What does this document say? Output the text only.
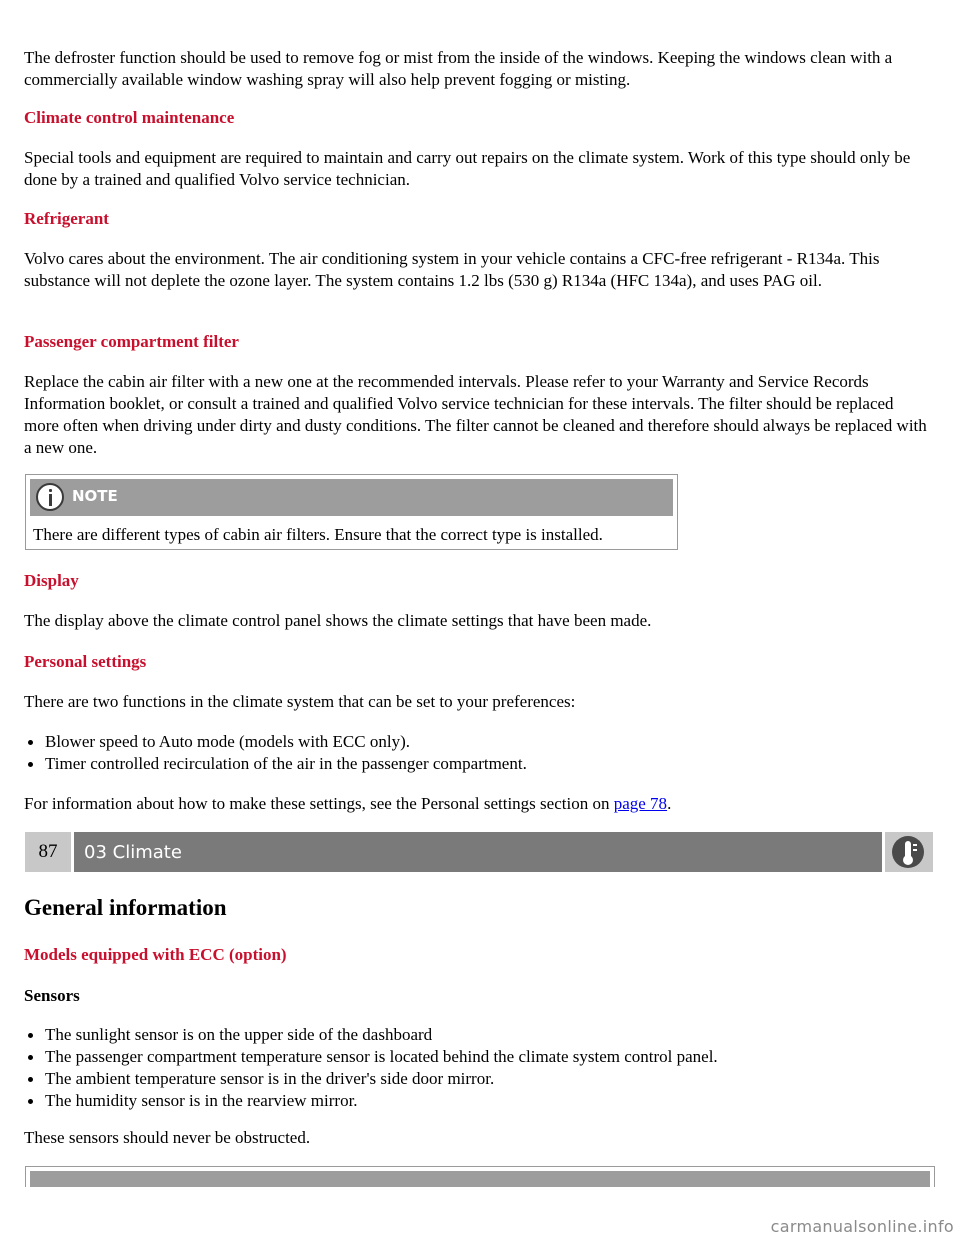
The defroster function should be used to remove fog or mist from the inside of the windows. Keeping the windows clean with a commercially available window washing spray will also help prevent fogging or misting.

Climate control maintenance

Special tools and equipment are required to maintain and carry out repairs on the climate system. Work of this type should only be done by a trained and qualified Volvo service technician.

Refrigerant

Volvo cares about the environment. The air conditioning system in your vehicle contains a CFC-free refrigerant - R134a. This substance will not deplete the ozone layer. The system contains 1.2 lbs (530 g) R134a (HFC 134a), and uses PAG oil.

Passenger compartment filter

Replace the cabin air filter with a new one at the recommended intervals. Please refer to your Warranty and Service Records Information booklet, or consult a trained and qualified Volvo service technician for these intervals. The filter should be replaced more often when driving under dirty and dusty conditions. The filter cannot be cleaned and therefore should always be replaced with a new one.

NOTE
There are different types of cabin air filters. Ensure that the correct type is installed.
Display

The display above the climate control panel shows the climate settings that have been made.

Personal settings

There are two functions in the climate system that can be set to your preferences:

Blower speed to Auto mode (models with ECC only).
Timer controlled recirculation of the air in the passenger compartment.

For information about how to make these settings, see the Personal settings section on page 78.

87	03 Climate
General information
Models equipped with ECC (option)
Sensors
The sunlight sensor is on the upper side of the dashboard
The passenger compartment temperature sensor is located behind the climate system control panel.
The ambient temperature sensor is in the driver's side door mirror.
The humidity sensor is in the rearview mirror.

These sensors should never be obstructed.

carmanualsonline.info
